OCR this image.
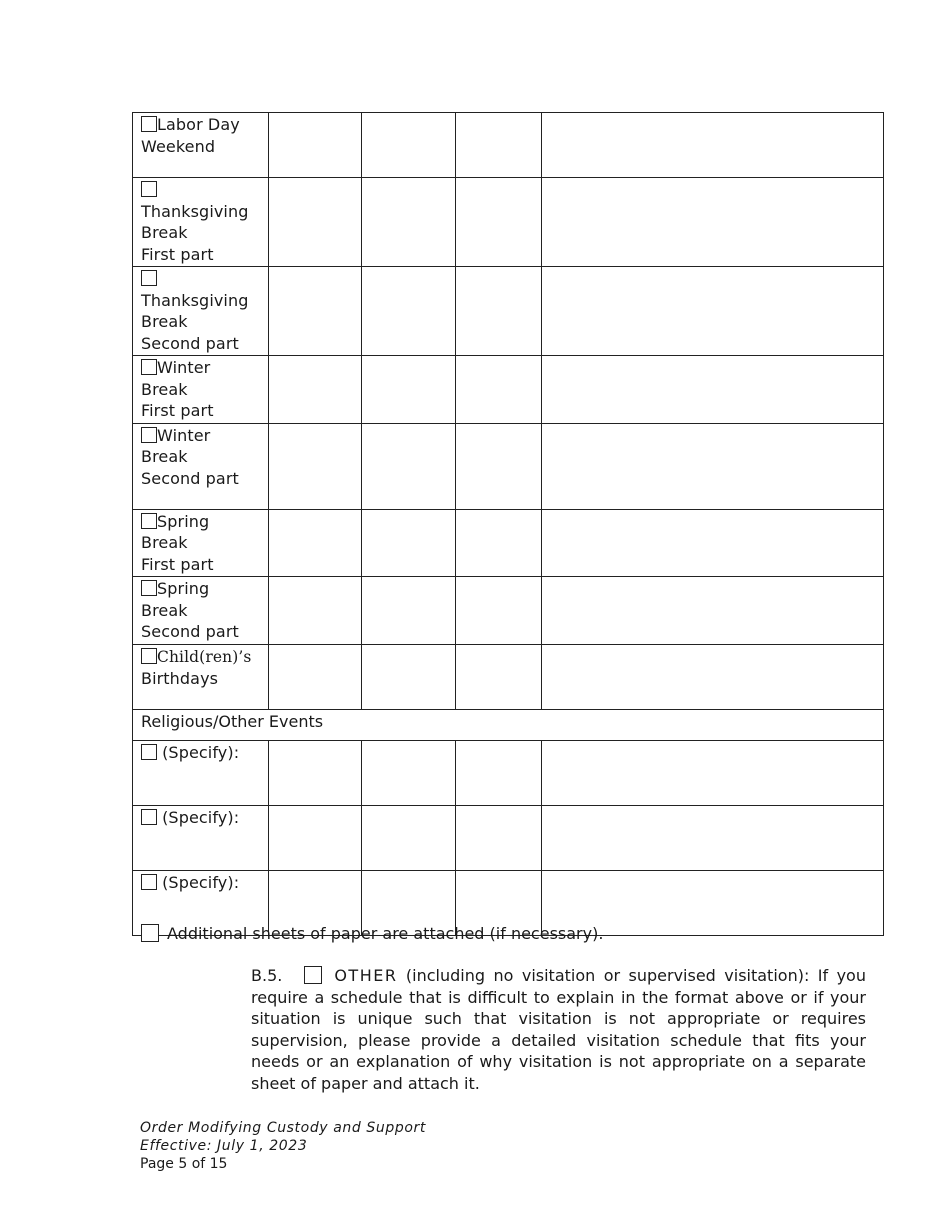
Labor Day
Weekend				

Thanksgiving
Break
First part				

Thanksgiving
Break
Second part				
Winter
Break
First part				
Winter
Break
Second part				
Spring
Break
First part				
Spring
Break
Second part				
Child(ren)’s
Birthdays				
Religious/Other Events				
(Specify):				
(Specify):				
(Specify):				
Additional sheets of paper are attached (if necessary).
B.5.	OTHER (including no visitation or supervised visitation): If you require a schedule that is difficult to explain in the format above or if your situation is unique such that visitation is not appropriate or requires supervision, please provide a detailed visitation schedule that fits your needs or an explanation of why visitation is not appropriate on a separate sheet of paper and attach it.
Order Modifying Custody and Support
Effective: July 1, 2023
Page 5 of 15
